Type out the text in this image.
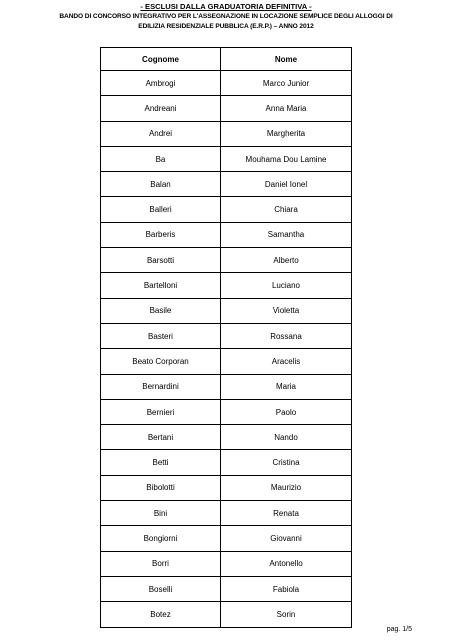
- ESCLUSI DALLA GRADUATORIA DEFINITIVA -
BANDO DI CONCORSO INTEGRATIVO PER L'ASSEGNAZIONE IN LOCAZIONE SEMPLICE DEGLI ALLOGGI DI
EDILIZIA RESIDENZIALE PUBBLICA (E.R.P.) – ANNO 2012
Cognome	Nome
Ambrogi	Marco Junior
Andreani	Anna Maria
Andrei	Margherita
Ba	Mouhama Dou Lamine
Balan	Daniel Ionel
Balleri	Chiara
Barberis	Samantha
Barsotti	Alberto
Bartelloni	Luciano
Basile	Violetta
Basteri	Rossana
Beato Corporan	Aracelis
Bernardini	Maria
Bernieri	Paolo
Bertani	Nando
Betti	Cristina
Bibolotti	Maurizio
Bini	Renata
Bongiorni	Giovanni
Borri	Antonello
Boselli	Fabiola
Botez	Sorin
pag. 1/5
